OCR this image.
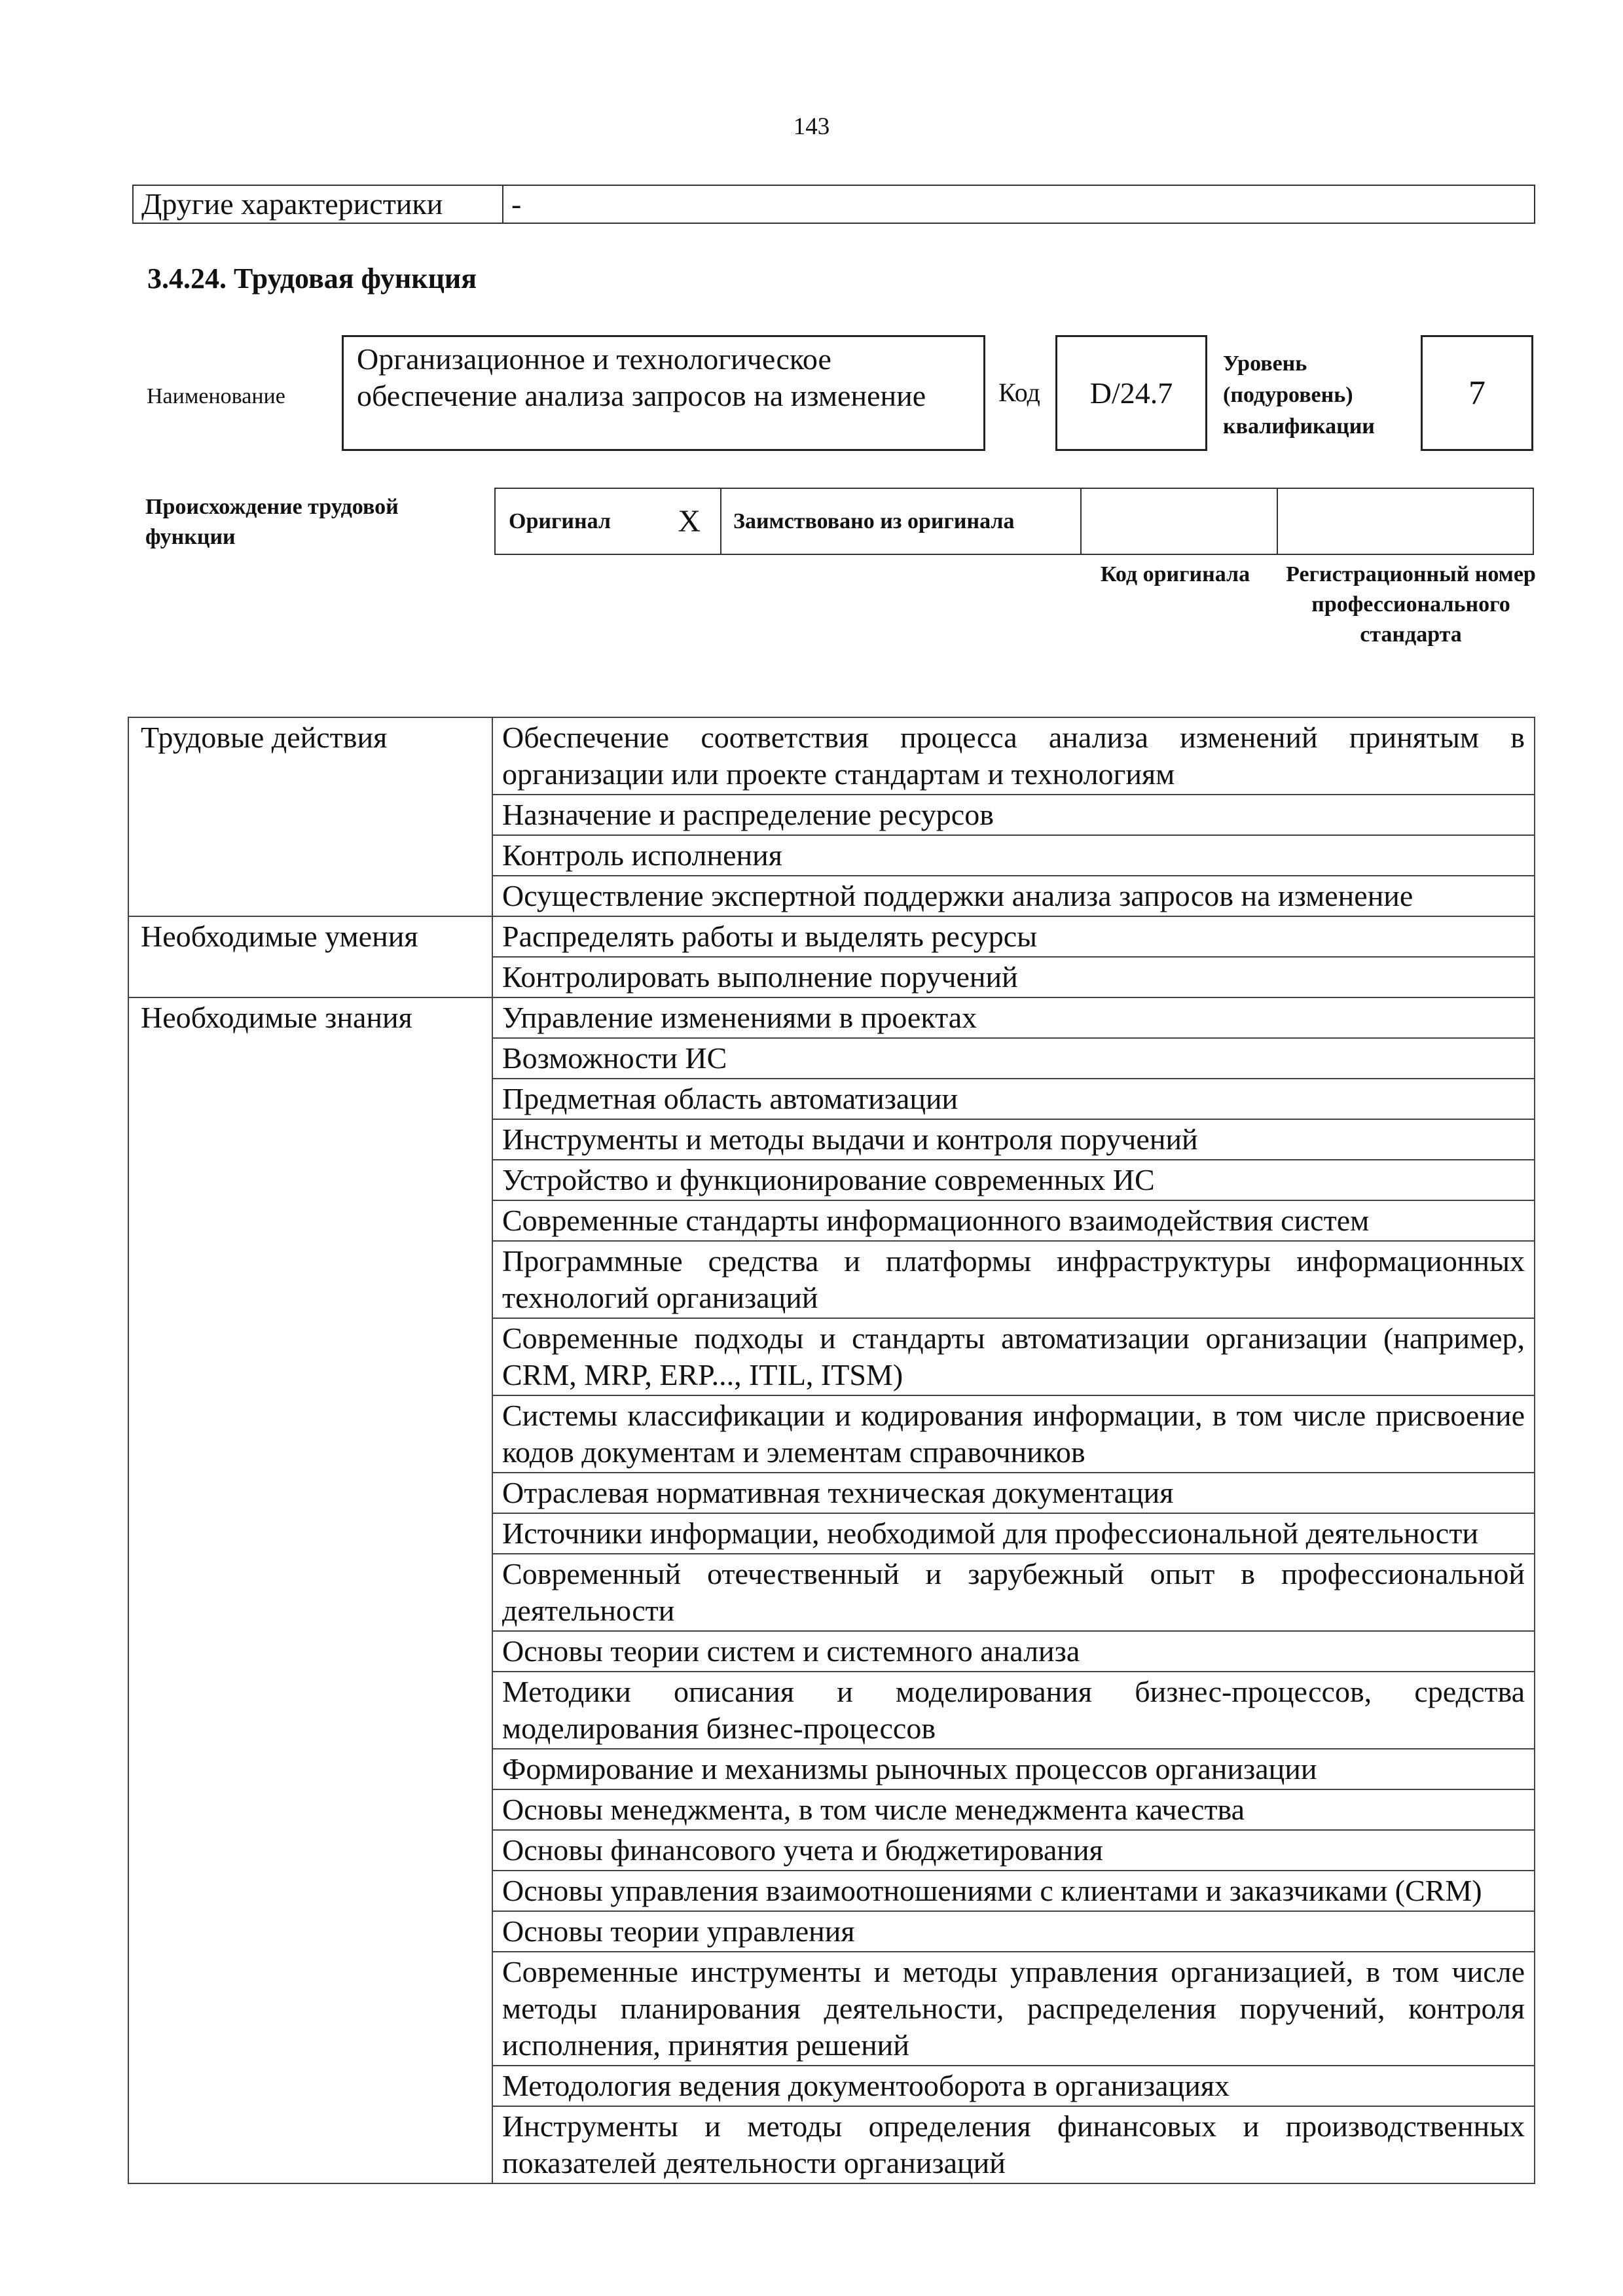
143
Другие характеристики	-
3.4.24. Трудовая функция
Наименование
Организационное и технологическое обеспечение анализа запросов на изменение	Код	D/24.7
Уровень (подуровень) квалификации
7
Происхождение трудовой функции
Оригинал X	Заимствовано из оригинала
Код оригинала	Регистрационный номер профессионального стандарта
Трудовые действия	Обеспечение соответствия процесса анализа изменений принятым в организации или проекте стандартам и технологиям
	Назначение и распределение ресурсов
	Контроль исполнения
	Осуществление экспертной поддержки анализа запросов на изменение
Необходимые умения	Распределять работы и выделять ресурсы
	Контролировать выполнение поручений
Необходимые знания	Управление изменениями в проектах
	Возможности ИС
	Предметная область автоматизации
	Инструменты и методы выдачи и контроля поручений
	Устройство и функционирование современных ИС
	Современные стандарты информационного взаимодействия систем
	Программные средства и платформы инфраструктуры информационных технологий организаций
	Современные подходы и стандарты автоматизации организации (например, CRM, MRP, ERP..., ITIL, ITSM)
	Системы классификации и кодирования информации, в том числе присвоение кодов документам и элементам справочников
	Отраслевая нормативная техническая документация
	Источники информации, необходимой для профессиональной деятельности
	Современный отечественный и зарубежный опыт в профессиональной деятельности
	Основы теории систем и системного анализа
	Методики описания и моделирования бизнес-процессов, средства моделирования бизнес-процессов
	Формирование и механизмы рыночных процессов организации
	Основы менеджмента, в том числе менеджмента качества
	Основы финансового учета и бюджетирования
	Основы управления взаимоотношениями с клиентами и заказчиками (CRM)
	Основы теории управления
	Современные инструменты и методы управления организацией, в том числе методы планирования деятельности, распределения поручений, контроля исполнения, принятия решений
	Методология ведения документооборота в организациях
	Инструменты и методы определения финансовых и производственных показателей деятельности организаций
